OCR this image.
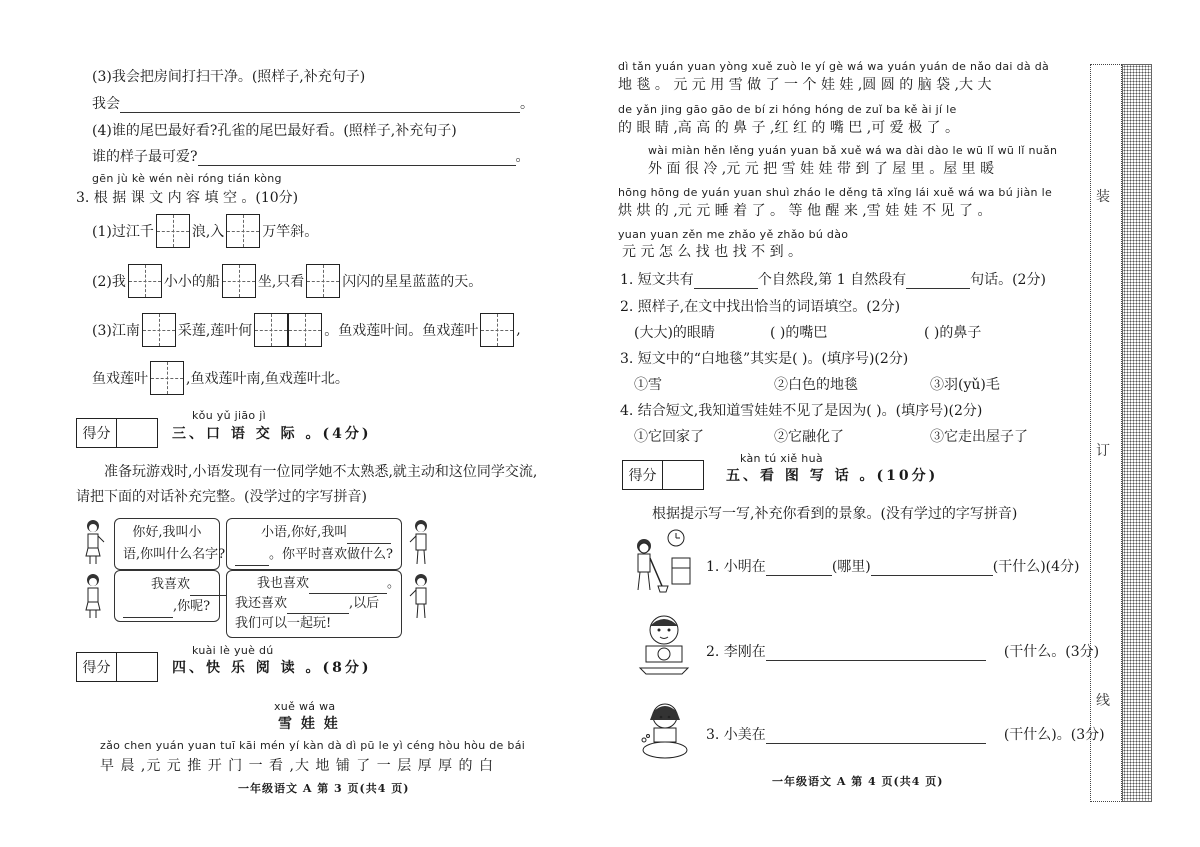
(3)我会把房间打扫干净。(照样子,补充句子)
我会	。
(4)谁的尾巴最好看?孔雀的尾巴最好看。(照样子,补充句子)
谁的样子最可爱?	。
gēn jù kè wén nèi róng tián kòng
3. 根 据 课 文 内 容 填 空 。(10分)
(1)过江千	浪,入	万竿斜。
(2)我	小小的船	坐,只看	闪闪的星星蓝蓝的天。
(3)江南	采莲,莲叶何	。鱼戏莲叶间。鱼戏莲叶	,
鱼戏莲叶	,鱼戏莲叶南,鱼戏莲叶北。
kǒu yǔ jiāo jì
得分	三、口 语 交 际 。(4分)
准备玩游戏时,小语发现有一位同学她不太熟悉,就主动和这位同学交流,
请把下面的对话补充完整。(没学过的字写拼音)
你好,我叫小
语,你叫什么名字?
小语,你好,我叫
。你平时喜欢做什么?
我喜欢
,你呢?
我也喜欢	。
我还喜欢	,以后
我们可以一起玩!
kuài lè yuè dú
得分	四、快 乐 阅 读 。(8分)
xuě wá wa
雪 娃 娃
zǎo chen yuán yuan tuī kāi mén yí kàn dà dì pū le yì céng hòu hòu de bái
早 晨 ,元 元 推 开 门 一 看 ,大 地 铺 了 一 层 厚 厚 的 白
一年级语文 A 第 3 页(共4 页)
dì tǎn yuán yuan yòng xuě zuò le yí gè wá wa yuán yuán de nǎo dai dà dà
地 毯 。 元 元 用 雪 做 了 一 个 娃 娃 ,圆 圆 的 脑 袋 ,大 大
de yǎn jing gāo gāo de bí zi hóng hóng de zuǐ ba kě ài jí le
的 眼 睛 ,高 高 的 鼻 子 ,红 红 的 嘴 巴 ,可 爱 极 了 。
wài miàn hěn lěng yuán yuan bǎ xuě wá wa dài dào le wū lǐ wū lǐ nuǎn
外 面 很 冷 ,元 元 把 雪 娃 娃 带 到 了 屋 里 。屋 里 暖
hōng hōng de yuán yuan shuì zháo le děng tā xǐng lái xuě wá wa bú jiàn le
烘 烘 的 ,元 元 睡 着 了 。 等 他 醒 来 ,雪 娃 娃 不 见 了 。
yuan yuan zěn me zhǎo yě zhǎo bú dào
元 元 怎 么 找 也 找 不 到 。
1. 短文共有	个自然段,第 1 自然段有	句话。(2分)
2. 照样子,在文中找出恰当的词语填空。(2分)
(大大)的眼睛	( )的嘴巴	( )的鼻子
3. 短文中的“白地毯”其实是( )。(填序号)(2分)
①雪	②白色的地毯	③羽(yǔ)毛
4. 结合短文,我知道雪娃娃不见了是因为( )。(填序号)(2分)
①它回家了	②它融化了	③它走出屋子了
kàn tú xiě huà
得分	五、看 图 写 话 。(10分)
根据提示写一写,补充你看到的景象。(没有学过的字写拼音)
1. 小明在	(哪里)	(干什么)(4分)
2. 李刚在	(干什么。(3分)
3. 小美在	(干什么)。(3分)
一年级语文 A 第 4 页(共4 页)
装
订
线
